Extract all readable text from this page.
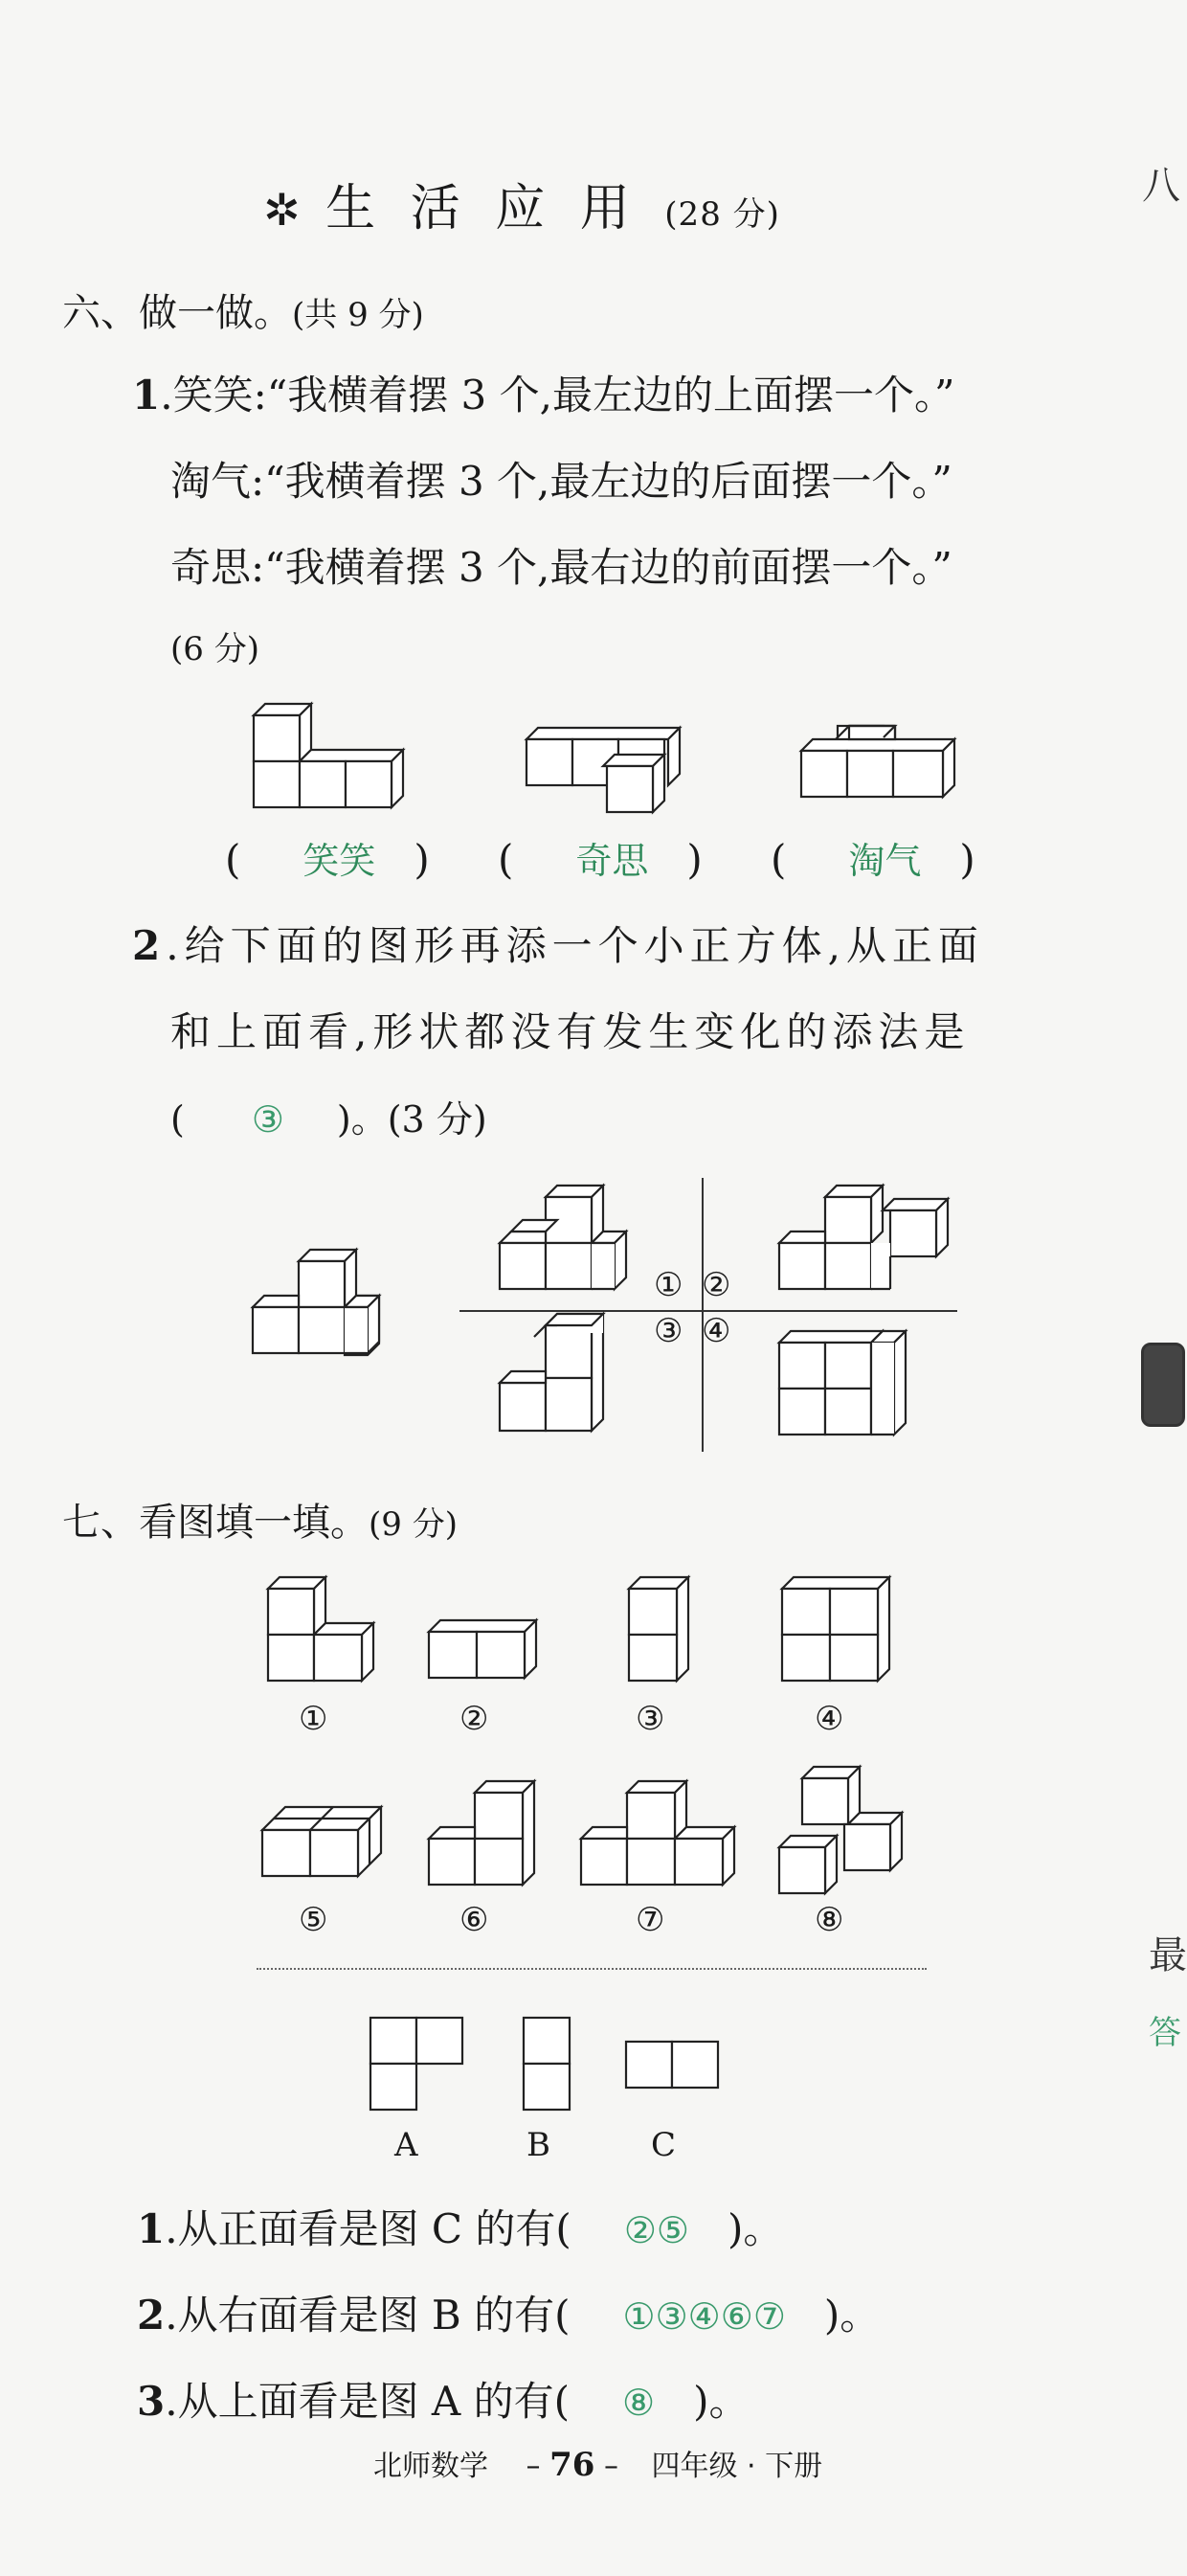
✲ 生 活 应 用 (28 分)
六、做一做。(共 9 分)
1.笑笑:“我横着摆 3 个,最左边的上面摆一个。”
淘气:“我横着摆 3 个,最左边的后面摆一个。”
奇思:“我横着摆 3 个,最右边的前面摆一个。”
(6 分)
( 笑笑 ) ( 奇思 ) ( 淘气 )
2.给下面的图形再添一个小正方体,从正面
和上面看,形状都没有发生变化的添法是
( ③ )。(3 分)
① ②
③ ④
七、看图填一填。(9 分)
①	②	③	④
⑤	⑥	⑦	⑧
A	B	C
1.从正面看是图 C 的有( ②⑤ )。
2.从右面看是图 B 的有( ①③④⑥⑦ )。
3.从上面看是图 A 的有( ⑧ )。
北师数学 – 76 – 四年级 · 下册
八
最
答
